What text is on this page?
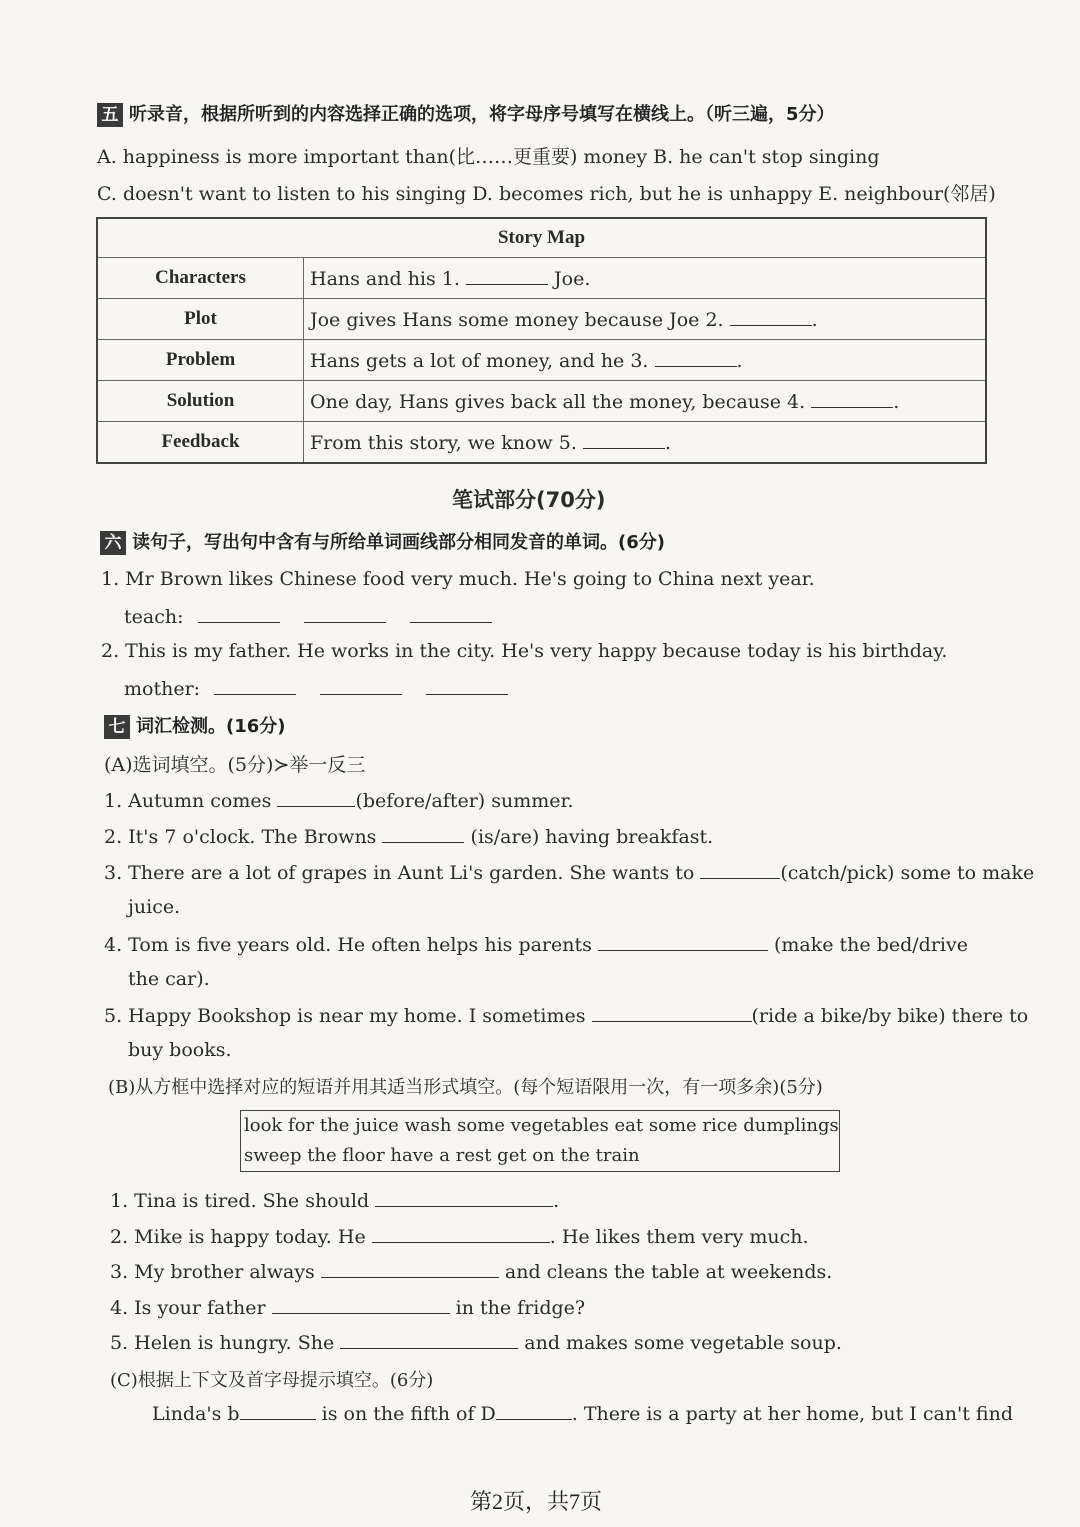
五 听录音，根据所听到的内容选择正确的选项，将字母序号填写在横线上。（听三遍，5分）
A. happiness is more important than(比……更重要) money B. he can't stop singing
C. doesn't want to listen to his singing D. becomes rich, but he is unhappy E. neighbour(邻居)
Story Map	
Characters	Hans and his 1. Joe.
Plot	Joe gives Hans some money because Joe 2. .
Problem	Hans gets a lot of money, and he 3. .
Solution	One day, Hans gives back all the money, because 4. .
Feedback	From this story, we know 5. .
笔试部分(70分)
六 读句子，写出句中含有与所给单词画线部分相同发音的单词。(6分)
1. Mr Brown likes Chinese food very much. He's going to China next year.
teach:
2. This is my father. He works in the city. He's very happy because today is his birthday.
mother:
七 词汇检测。(16分)
(A)选词填空。(5分)≻举一反三
1. Autumn comes	(before/after) summer.
2. It's 7 o'clock. The Browns	(is/are) having breakfast.
3. There are a lot of grapes in Aunt Li's garden. She wants to	(catch/pick) some to make
juice.
4. Tom is five years old. He often helps his parents	(make the bed/drive
the car).
5. Happy Bookshop is near my home. I sometimes	(ride a bike/by bike) there to
buy books.
(B)从方框中选择对应的短语并用其适当形式填空。(每个短语限用一次，有一项多余)(5分)
look for the juice wash some vegetables eat some rice dumplings
sweep the floor have a rest get on the train
1. Tina is tired. She should	.
2. Mike is happy today. He	. He likes them very much.
3. My brother always	and cleans the table at weekends.
4. Is your father	in the fridge?
5. Helen is hungry. She	and makes some vegetable soup.
(C)根据上下文及首字母提示填空。(6分)
Linda's b	is on the fifth of D	. There is a party at her home, but I can't find
第2页，共7页
